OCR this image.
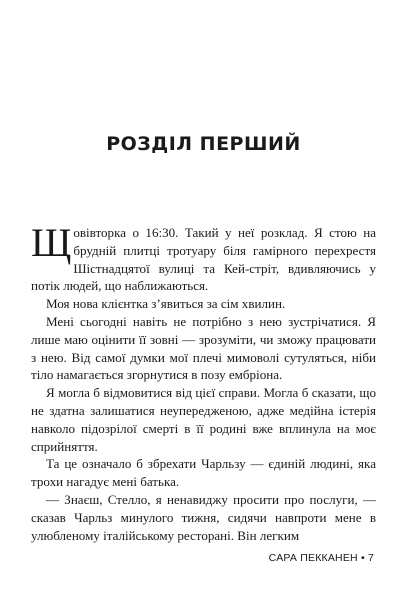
РОЗДІЛ ПЕРШИЙ

Щовівторка о 16:30. Такий у неї розклад. Я стою на брудній плитці тротуару біля гамірного перехрестя Шістнадцятої вулиці та Кей-стріт, вдивляючись у потік людей, що наближаються.

Моя нова клієнтка з’явиться за сім хвилин.

Мені сьогодні навіть не потрібно з нею зустрічатися. Я лише маю оцінити її зовні — зрозуміти, чи зможу працювати з нею. Від самої думки мої плечі мимоволі сутуляться, ніби тіло намагається згорнутися в позу ембріона.

Я могла б відмовитися від цієї справи. Могла б сказати, що не здатна залишатися неупередженою, адже медійна істерія навколо підозрілої смерті в її родині вже вплинула на моє сприйняття.

Та це означало б збрехати Чарльзу — єдиній людині, яка трохи нагадує мені батька.

— Знаєш, Стелло, я ненавиджу просити про послуги, — сказав Чарльз минулого тижня, сидячи навпроти мене в улюбленому італійському ресторані. Він легким

САРА ПЕККАНЕН • 7
